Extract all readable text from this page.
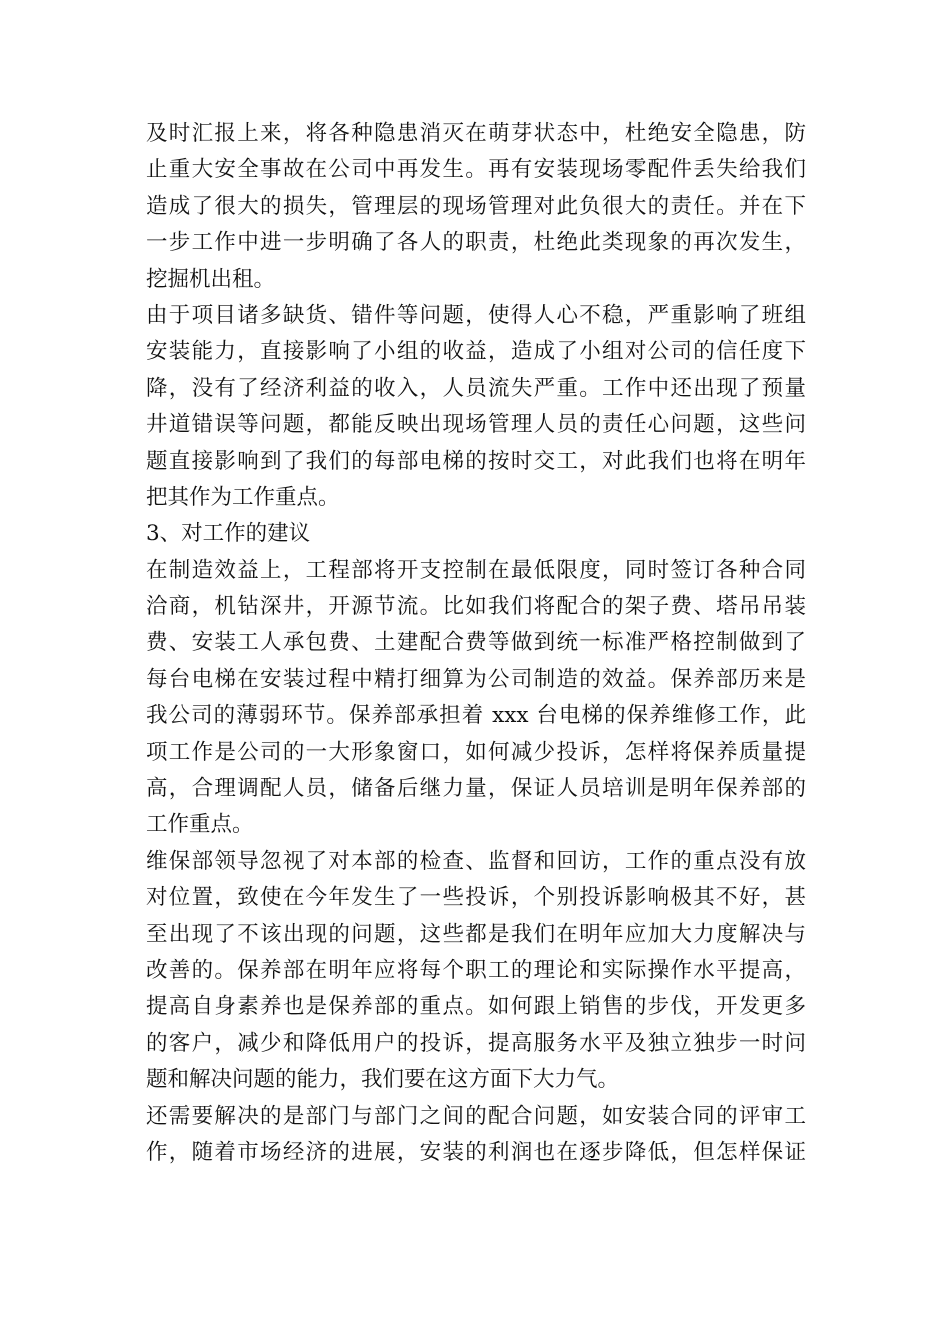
及时汇报上来，将各种隐患消灭在萌芽状态中，杜绝安全隐患，防
止重大安全事故在公司中再发生。再有安装现场零配件丢失给我们
造成了很大的损失，管理层的现场管理对此负很大的责任。并在下
一步工作中进一步明确了各人的职责，杜绝此类现象的再次发生，
挖掘机出租。
由于项目诸多缺货、错件等问题，使得人心不稳，严重影响了班组
安装能力，直接影响了小组的收益，造成了小组对公司的信任度下
降，没有了经济利益的收入，人员流失严重。工作中还出现了预量
井道错误等问题，都能反映出现场管理人员的责任心问题，这些问
题直接影响到了我们的每部电梯的按时交工，对此我们也将在明年
把其作为工作重点。
3、对工作的建议
在制造效益上，工程部将开支控制在最低限度，同时签订各种合同
洽商，机钻深井，开源节流。比如我们将配合的架子费、塔吊吊装
费、安装工人承包费、土建配合费等做到统一标准严格控制做到了
每台电梯在安装过程中精打细算为公司制造的效益。保养部历来是
我公司的薄弱环节。保养部承担着 xxx 台电梯的保养维修工作，此
项工作是公司的一大形象窗口，如何减少投诉，怎样将保养质量提
高，合理调配人员，储备后继力量，保证人员培训是明年保养部的
工作重点。
维保部领导忽视了对本部的检查、监督和回访，工作的重点没有放
对位置，致使在今年发生了一些投诉，个别投诉影响极其不好，甚
至出现了不该出现的问题，这些都是我们在明年应加大力度解决与
改善的。保养部在明年应将每个职工的理论和实际操作水平提高，
提高自身素养也是保养部的重点。如何跟上销售的步伐，开发更多
的客户，减少和降低用户的投诉，提高服务水平及独立独步一时问
题和解决问题的能力，我们要在这方面下大力气。
还需要解决的是部门与部门之间的配合问题，如安装合同的评审工
作，随着市场经济的进展，安装的利润也在逐步降低，但怎样保证
